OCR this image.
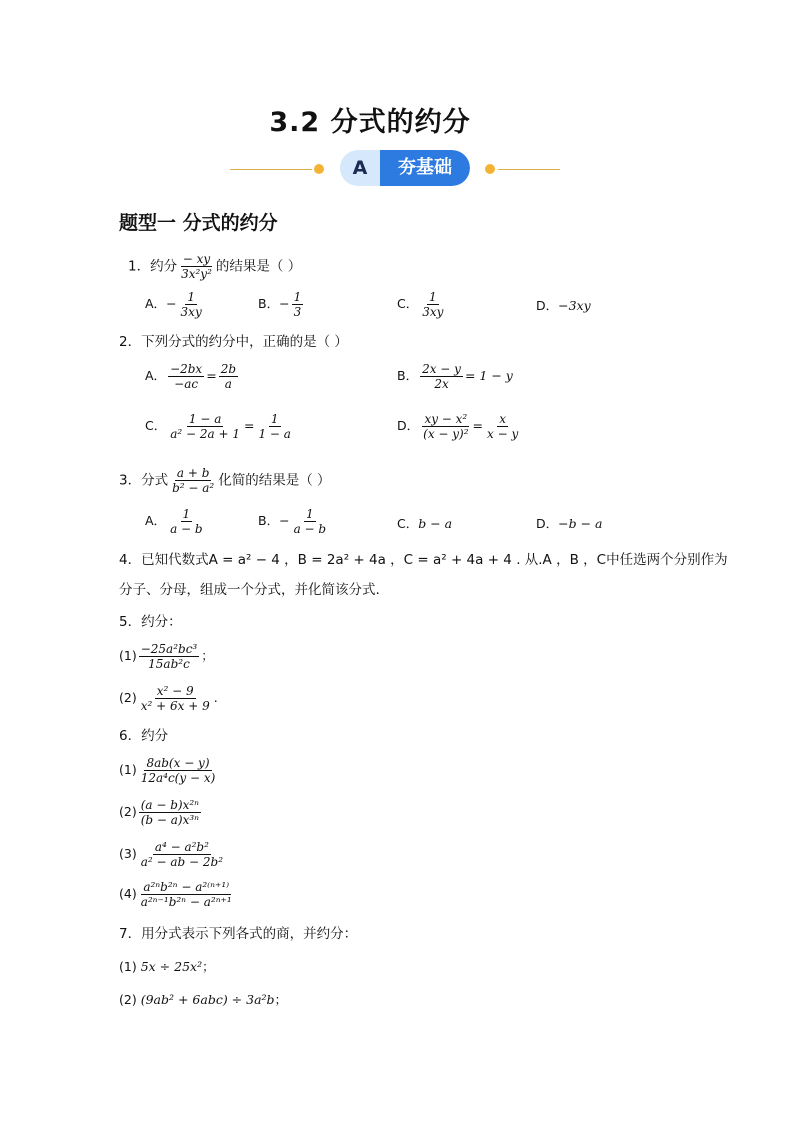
3.2 分式的约分
A	夯基础
题型一 分式的约分
1．约分 $\frac{- xy}{\text{3x²y²}}$ 的结果是（ ）
A．− $\frac{1}{3xy}$	B．− $\frac{1}{3}$	C． $\frac{1}{3xy}$	D．−3xy
2．下列分式的约分中，正确的是（ ）
A． $\frac{-2bx}{-ac} = \frac{2b}{a}$	B． $\frac{2x - y}{2x} = 1 - y$
C． $\frac{1 - a}{\text{a² − 2a + 1}} = \frac{1}{1 - a}$	D． $\frac{\text{xy − x²}}{\text{(x − y)²}} = \frac{x}{x - y}$
3．分式 $\frac{a + b}{\text{b² − a²}}$ 化简的结果是（ ）
A． $\frac{1}{a - b}$	B．− $\frac{1}{a - b}$	C．b − a	D．−b − a
4．已知代数式A = a² − 4 ，B = 2a² + 4a ，C = a² + 4a + 4 . 从.A ，B ，C中任选两个分别作为
分子、分母，组成一个分式，并化简该分式.
5．约分：
$(1) \frac{\text{−25a²bc³}}{\text{15ab²c}}$ ；
$(2) \frac{\text{x² − 9}}{\text{x² + 6x + 9}}$ .
6．约分
$(1) \frac{8ab(x - y)}{\text{12a⁴c(y − x)}}$
$(2) \frac{\text{(a − b)x²ⁿ}}{\text{(b − a)x³ⁿ}}$
$(3) \frac{\text{a⁴ − a²b²}}{\text{a² − ab − 2b²}}$
$(4) \frac{\text{a²ⁿb²ⁿ − a²⁽ⁿ⁺¹⁾}}{\text{a²ⁿ⁻¹b²ⁿ − a²ⁿ⁺¹}}$
7．用分式表示下列各式的商，并约分：
(1) 5x ÷ 25x²；
(2) (9ab² + 6abc) ÷ 3a²b；
